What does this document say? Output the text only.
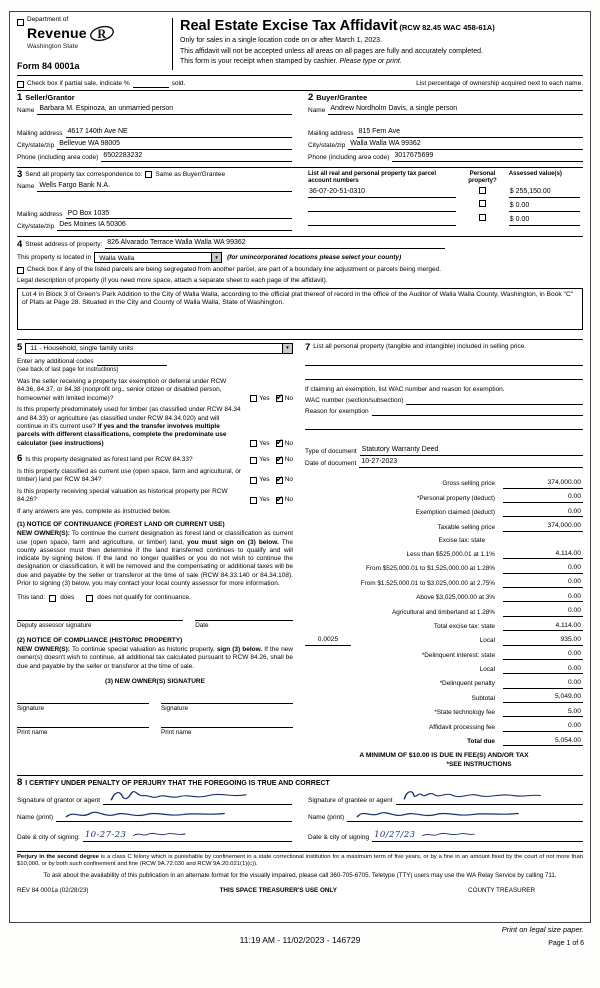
Department of
Revenue R
Washington State
Form 84 0001a
Real Estate Excise Tax Affidavit (RCW 82.45 WAC 458-61A)
Only for sales in a single location code on or after March 1, 2023.
This affidavit will not be accepted unless all areas on all pages are fully and accurately completed.
This form is your receipt when stamped by cashier. Please type or print.
Check box if partial sale, indicate %	sold.	List percentage of ownership acquired next to each name.
1 Seller/Grantor
Name Barbara M. Espinoza, an unmarried person
Mailing address 4617 140th Ave NE
City/state/zip Bellevue WA 98005
Phone (including area code) 6502283232
2 Buyer/Grantee
Name Andrew Nordholm Davis, a single person
Mailing address 815 Fern Ave
City/state/zip Walla Walla WA 99362
Phone (including area code) 3017675699
3 Send all property tax correspondence to:	Same as Buyer/Grantee
Name Wells Fargo Bank N.A.
Mailing address PO Box 1035
City/state/zip Des Moines IA 50306
List all real and personal property tax parcel account numbers	Personal property?	Assessed value(s)

36-07-20-51-0310		$ 255,150.00

		$ 0.00

		$ 0.00
4 Street address of property: 826 Alvarado Terrace Walla Walla WA 99362
This property is located in	Walla Walla ▼	(for unincorporated locations please select your county)
Check box if any of the listed parcels are being segregated from another parcel, are part of a boundary line adjustment or parcels being merged.
Legal description of property (if you need more space, attach a separate sheet to each page of the affidavit).
Lot 4 in Block 3 of Green's Park Addition to the City of Walla Walla, according to the official plat thereof of record in the office of the Auditor of Walla Walla County, Washington, in Book "C" of Plats at Page 28. Situated in the City and County of Walla Walla, State of Washington.
5	11 - Household, single family units
▼
Enter any additional codes
(see back of last page for instructions)
Was the seller receiving a property tax exemption or deferral under RCW 84.36, 84.37, or 84.38 (nonprofit org., senior citizen or disabled person, homeowner with limited income)?	Yes ✔ No
Is this property predominately used for timber (as classified under RCW 84.34 and 84.33) or agriculture (as classified under RCW 84.34.020) and will continue in it's current use? If yes and the transfer involves multiple parcels with different classifications, complete the predominate use calculator (see instructions)	Yes ✔ No
6 Is this property designated as forest land per RCW 84.33?	Yes ✔ No
Is this property classified as current use (open space, farm and agricultural, or timber) land per RCW 84.34?	Yes ✔ No
Is this property receiving special valuation as historical property per RCW 84.26?	Yes ✔ No
If any answers are yes, complete as instructed below.
(1) NOTICE OF CONTINUANCE (FOREST LAND OR CURRENT USE)
NEW OWNER(S): To continue the current designation as forest land or classification as current use (open space, farm and agriculture, or timber) land, you must sign on (3) below. The county assessor must then determine if the land transferred continues to qualify and will indicate by signing below. If the land no longer qualifies or you do not wish to continue the designation or classification, it will be removed and the compensating or additional taxes will be due and payable by the seller or transferor at the time of sale (RCW 84.33.140 or 84.34.108). Prior to signing (3) below, you may contact your local county assessor for more information.
This land: does	does not qualify for continuance.
Deputy assessor signature	Date
(2) NOTICE OF COMPLIANCE (HISTORIC PROPERTY)
NEW OWNER(S): To continue special valuation as historic property, sign (3) below. If the new owner(s) doesn't wish to continue, all additional tax calculated pursuant to RCW 84.26, shall be due and payable by the seller or transferor at the time of sale.
(3) NEW OWNER(S) SIGNATURE
Signature	Signature
Print name	Print name
7 List all personal property (tangible and intangible) included in selling price.
If claiming an exemption, list WAC number and reason for exemption.
WAC number (section/subsection)
Reason for exemption
Type of document Statutory Warranty Deed
Date of document 10-27-2023
Gross selling price	374,000.00
*Personal property (deduct)	0.00
Exemption claimed (deduct)	0.00
Taxable selling price	374,000.00
Excise tax: state
Less than $525,000.01 at 1.1%	4,114.00
From $525,000.01 to $1,525,000.00 at 1.28%	0.00
From $1,525,000.01 to $3,025,000.00 at 2.75%	0.00
Above $3,025,000.00 at 3%	0.00
Agricultural and timberland at 1.28%	0.00
Total excise tax: state	4,114.00
0.0025	Local	935.00
*Delinquent interest: state	0.00
Local	0.00
*Delinquent penalty	0.00
Subtotal	5,049.00
*State technology fee	5.00
Affidavit processing fee	0.00
Total due	5,054.00
A MINIMUM OF $10.00 IS DUE IN FEE(S) AND/OR TAX
*SEE INSTRUCTIONS
8 I CERTIFY UNDER PENALTY OF PERJURY THAT THE FOREGOING IS TRUE AND CORRECT
Signature of grantor or agent
Name (print)
Date & city of signing: 10-27-23
Signature of grantee or agent
Name (print)
Date & city of signing 10/27/23
Perjury in the second degree is a class C felony which is punishable by confinement in a state correctional institution for a maximum term of five years, or by a fine in an amount fixed by the court of not more than $10,000, or by both such confinement and fine (RCW 9A.72.030 and RCW 9A.20.021(1)(c)).
To ask about the availability of this publication in an alternate format for the visually impaired, please call 360-705-6705. Teletype (TTY) users may use the WA Relay Service by calling 711.
REV 84 0001a (02/28/23)	THIS SPACE TREASURER'S USE ONLY	COUNTY TREASURER
Print on legal size paper.
11:19 AM - 11/02/2023 - 146729	Page 1 of 6
